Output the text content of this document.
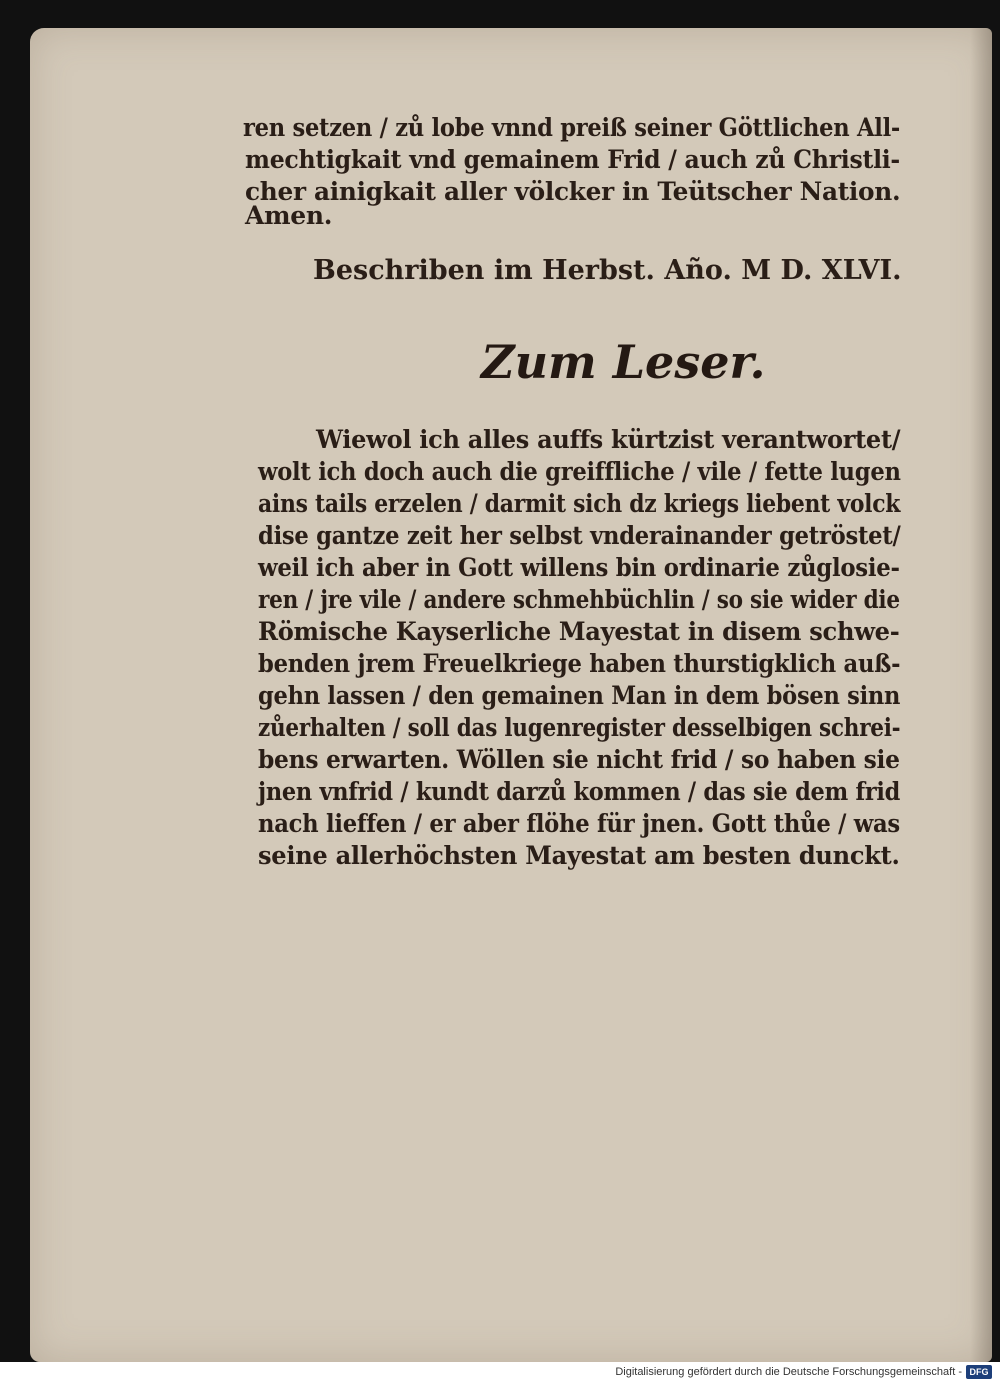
ren setzen / zů lobe vnnd preiß seiner Göttlichen All-
mechtigkait vnd gemainem Frid / auch zů Christli-
cher ainigkait aller völcker in Teütscher Nation.
Amen.
Beschriben im Herbst. Año. M D. XLVI.
Zum Leser.
Wiewol ich alles auffs kürtzist verantwortet/
wolt ich doch auch die greiffliche / vile / fette lugen
ains tails erzelen / darmit sich dz kriegs liebent volck
dise gantze zeit her selbst vnderainander getröstet/
weil ich aber in Gott willens bin ordinarie zůglosie-
ren / jre vile / andere schmehbüchlin / so sie wider die
Römische Kayserliche Mayestat in disem schwe-
benden jrem Freuelkriege haben thurstigklich auß-
gehn lassen / den gemainen Man in dem bösen sinn
zůerhalten / soll das lugenregister desselbigen schrei-
bens erwarten. Wöllen sie nicht frid / so haben sie
jnen vnfrid / kundt darzů kommen / das sie dem frid
nach lieffen / er aber flöhe für jnen. Gott thůe / was
seine allerhöchsten Mayestat am besten dunckt.
Digitalisierung gefördert durch die Deutsche Forschungsgemeinschaft - DFG
